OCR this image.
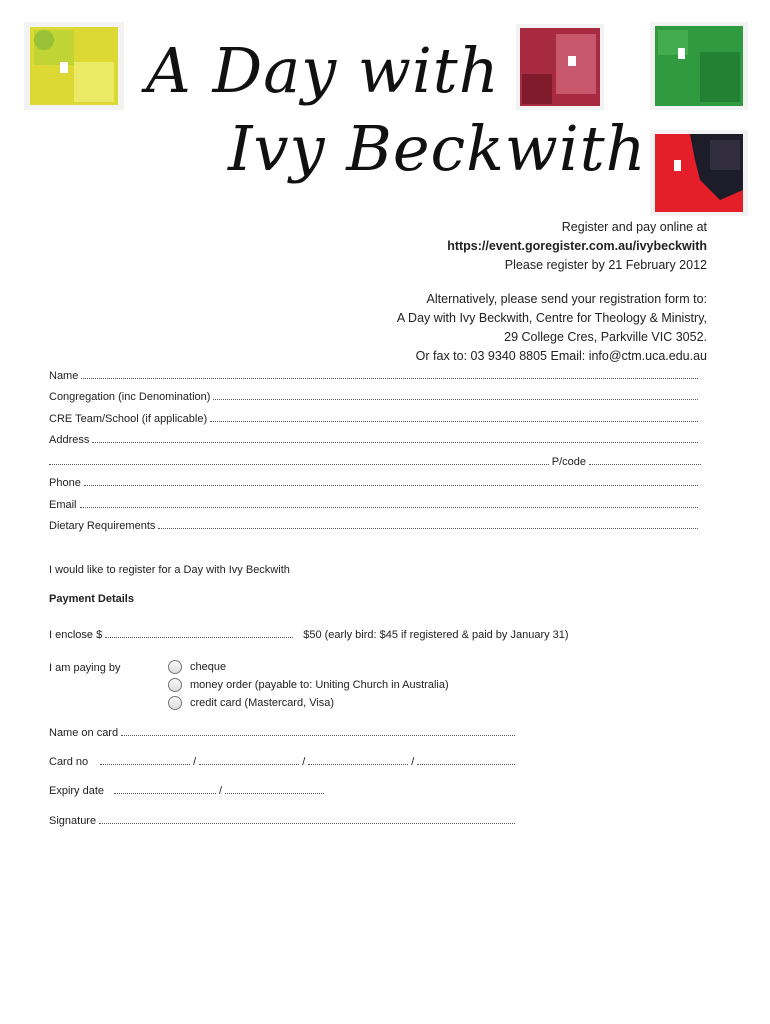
A Day with
Ivy Beckwith
Register and pay online at
https://event.goregister.com.au/ivybeckwith
Please register by 21 February 2012
Alternatively, please send your registration form to:
A Day with Ivy Beckwith, Centre for Theology & Ministry,
29 College Cres, Parkville VIC 3052.
Or fax to: 03 9340 8805 Email: info@ctm.uca.edu.au
Name
Congregation (inc Denomination)
CRE Team/School (if applicable)
Address
P/code
Phone
Email
Dietary Requirements
I would like to register for a Day with Ivy Beckwith
Payment Details
I enclose $	$50 (early bird: $45 if registered & paid by January 31)
I am paying by	cheque
money order (payable to: Uniting Church in Australia)
credit card (Mastercard, Visa)
Name on card
Card no	/	/	/
Expiry date	/
Signature
